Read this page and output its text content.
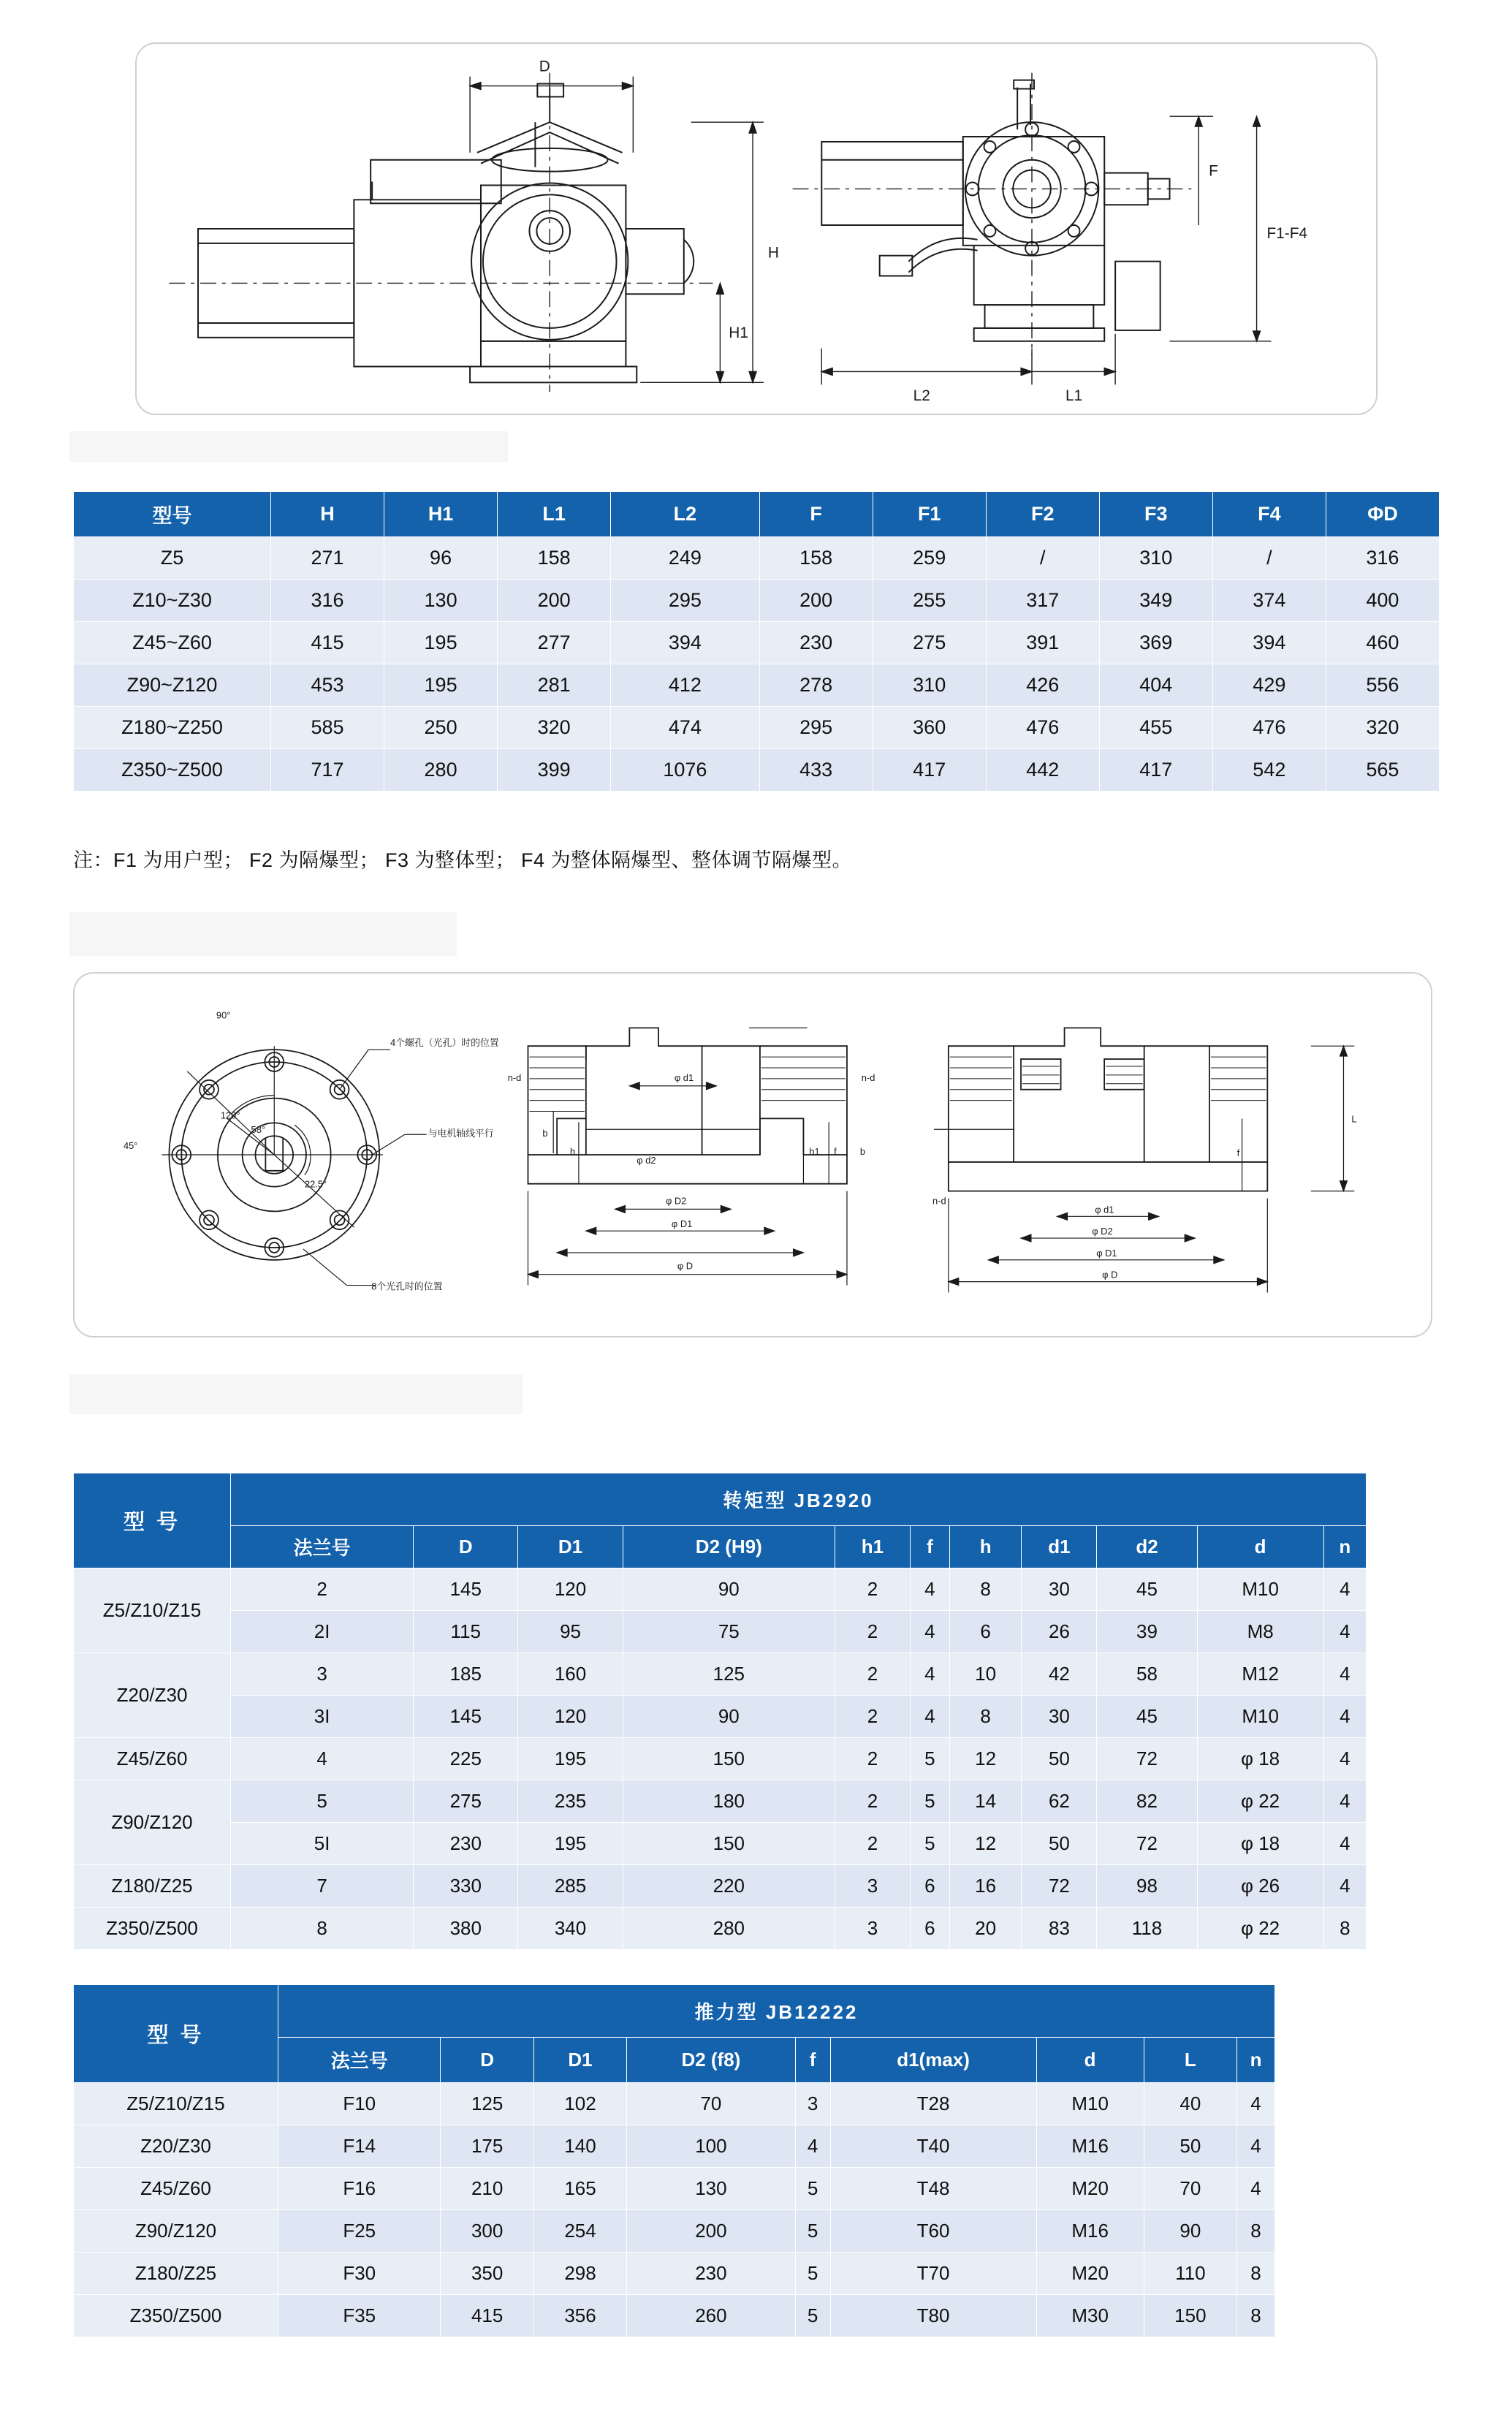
D
H
H1
F
F1-F4
L2	L1
型号	H	H1	L1	L2	F	F1	F2	F3	F4	ΦD
Z5	271	96	158	249	158	259	/	310	/	316
Z10~Z30	316	130	200	295	200	255	317	349	374	400
Z45~Z60	415	195	277	394	230	275	391	369	394	460
Z90~Z120	453	195	281	412	278	310	426	404	429	556
Z180~Z250	585	250	320	474	295	360	476	455	476	320
Z350~Z500	717	280	399	1076	433	417	442	417	542	565
注：F1 为用户型； F2 为隔爆型； F3 为整体型； F4 为整体隔爆型、整体调节隔爆型。
90°
45°
120°
58°
22.5°
4个螺孔（光孔）时的位置
与电机轴线平行
8个光孔时的位置
φ d1	n-d
n-d
b
h
φ d2
h1 f b
φ D2
φ D1
φ D
n-d
φ d1
φ D2
φ D1
φ D
f
L
型 号	转矩型 JB2920										
	法兰号	D	D1	D2 (H9)	h1	f	h	d1	d2	d	n
Z5/Z10/Z15	2	145	120	90	2	4	8	30	45	M10	4
	2I	115	95	75	2	4	6	26	39	M8	4
Z20/Z30	3	185	160	125	2	4	10	42	58	M12	4
	3I	145	120	90	2	4	8	30	45	M10	4
Z45/Z60	4	225	195	150	2	5	12	50	72	φ 18	4
Z90/Z120	5	275	235	180	2	5	14	62	82	φ 22	4
	5I	230	195	150	2	5	12	50	72	φ 18	4
Z180/Z25	7	330	285	220	3	6	16	72	98	φ 26	4
Z350/Z500	8	380	340	280	3	6	20	83	118	φ 22	8
型 号	推力型 JB12222								
	法兰号	D	D1	D2 (f8)	f	d1(max)	d	L	n
Z5/Z10/Z15	F10	125	102	70	3	T28	M10	40	4
Z20/Z30	F14	175	140	100	4	T40	M16	50	4
Z45/Z60	F16	210	165	130	5	T48	M20	70	4
Z90/Z120	F25	300	254	200	5	T60	M16	90	8
Z180/Z25	F30	350	298	230	5	T70	M20	110	8
Z350/Z500	F35	415	356	260	5	T80	M30	150	8
